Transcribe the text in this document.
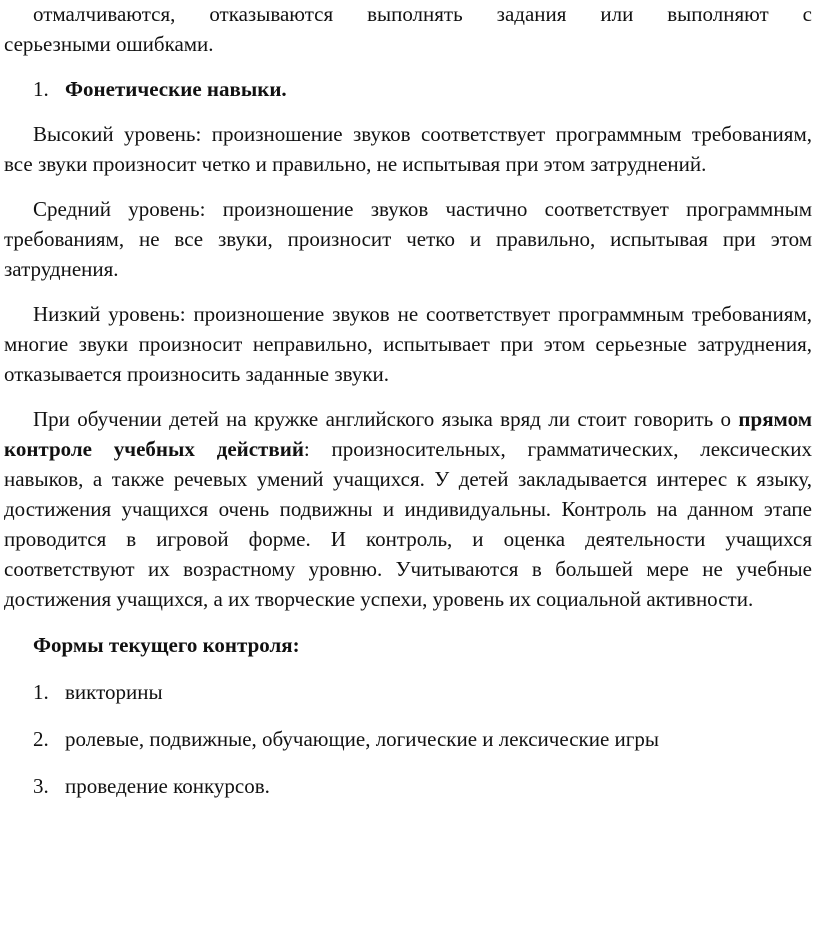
отмалчиваются, отказываются выполнять задания или выполняют с

серьезными ошибками.

1. Фонетические навыки.

Высокий уровень: произношение звуков соответствует программным требованиям, все звуки произносит четко и правильно, не испытывая при этом затруднений.

Средний уровень: произношение звуков частично соответствует программным требованиям, не все звуки, произносит четко и правильно, испытывая при этом затруднения.

Низкий уровень: произношение звуков не соответствует программным требованиям, многие звуки произносит неправильно, испытывает при этом серьезные затруднения, отказывается произносить заданные звуки.

При обучении детей на кружке английского языка вряд ли стоит говорить о прямом контроле учебных действий: произносительных, грамматических, лексических навыков, а также речевых умений учащихся. У детей закладывается интерес к языку, достижения учащихся очень подвижны и индивидуальны. Контроль на данном этапе проводится в игровой форме. И контроль, и оценка деятельности учащихся соответствуют их возрастному уровню. Учитываются в большей мере не учебные достижения учащихся, а их творческие успехи, уровень их социальной активности.

Формы текущего контроля:
1. викторины
2. ролевые, подвижные, обучающие, логические и лексические игры
3. проведение конкурсов.
